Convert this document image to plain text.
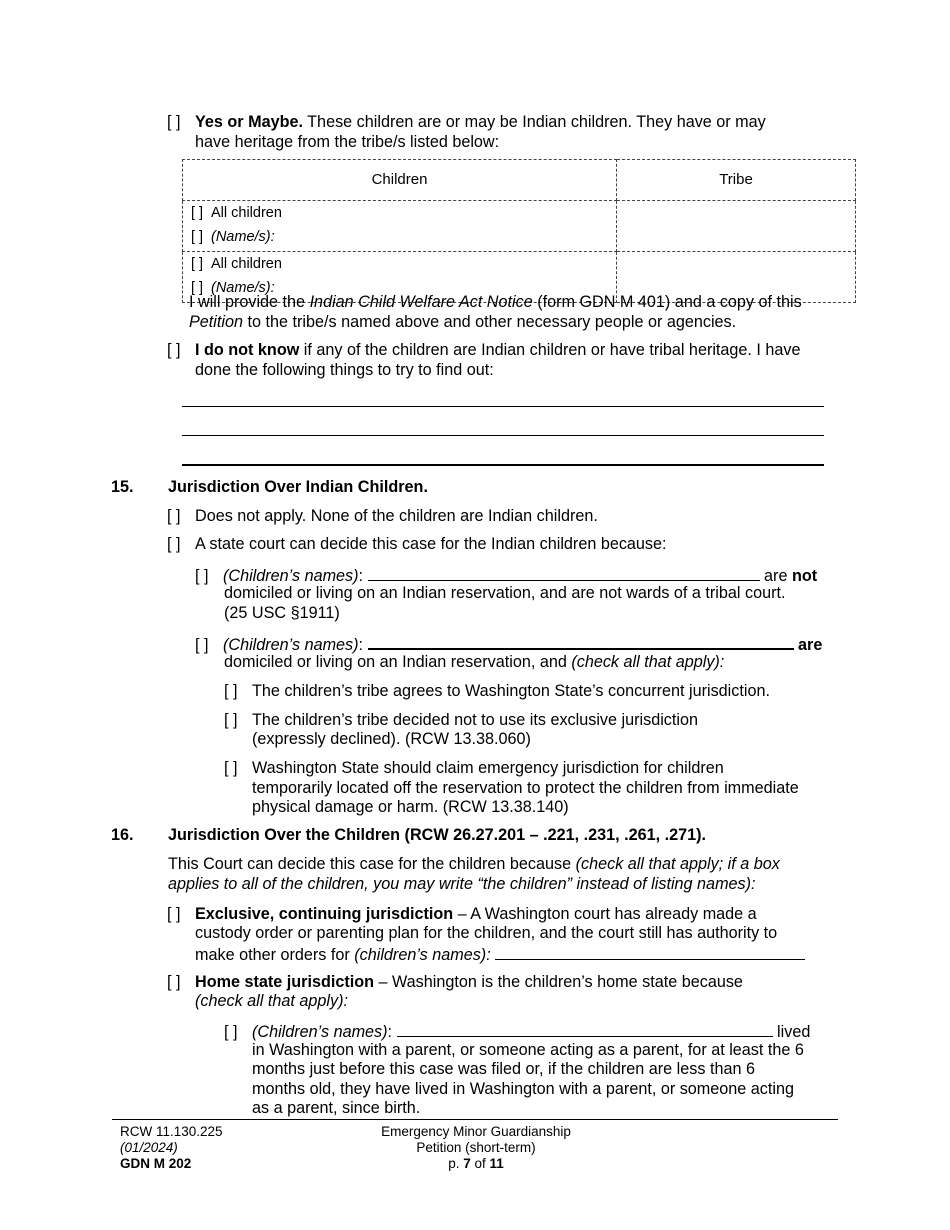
[ ] Yes or Maybe. These children are or may be Indian children. They have or may
have heritage from the tribe/s listed below:
Children	Tribe

[ ] All children
[ ] (Name/s):	

[ ] All children
[ ] (Name/s):	

I will provide the Indian Child Welfare Act Notice (form GDN M 401) and a copy of this
Petition to the tribe/s named above and other necessary people or agencies.
[ ] I do not know if any of the children are Indian children or have tribal heritage. I have
done the following things to try to find out:
15. Jurisdiction Over Indian Children.
[ ] Does not apply. None of the children are Indian children.
[ ] A state court can decide this case for the Indian children because:
[ ] (Children’s names):	are not
domiciled or living on an Indian reservation, and are not wards of a tribal court.
(25 USC §1911)
[ ] (Children’s names):	are
domiciled or living on an Indian reservation, and (check all that apply):
[ ] The children’s tribe agrees to Washington State’s concurrent jurisdiction.
[ ] The children’s tribe decided not to use its exclusive jurisdiction
(expressly declined). (RCW 13.38.060)
[ ] Washington State should claim emergency jurisdiction for children
temporarily located off the reservation to protect the children from immediate
physical damage or harm. (RCW 13.38.140)
16. Jurisdiction Over the Children (RCW 26.27.201 – .221, .231, .261, .271).
This Court can decide this case for the children because (check all that apply; if a box
applies to all of the children, you may write “the children” instead of listing names):
[ ] Exclusive, continuing jurisdiction – A Washington court has already made a
custody order or parenting plan for the children, and the court still has authority to
make other orders for (children’s names):
[ ] Home state jurisdiction – Washington is the children’s home state because
(check all that apply):
[ ] (Children’s names):	lived
in Washington with a parent, or someone acting as a parent, for at least the 6
months just before this case was filed or, if the children are less than 6
months old, they have lived in Washington with a parent, or someone acting
as a parent, since birth.
RCW 11.130.225
(01/2024)
GDN M 202
Emergency Minor Guardianship
Petition (short-term)
p. 7 of 11
